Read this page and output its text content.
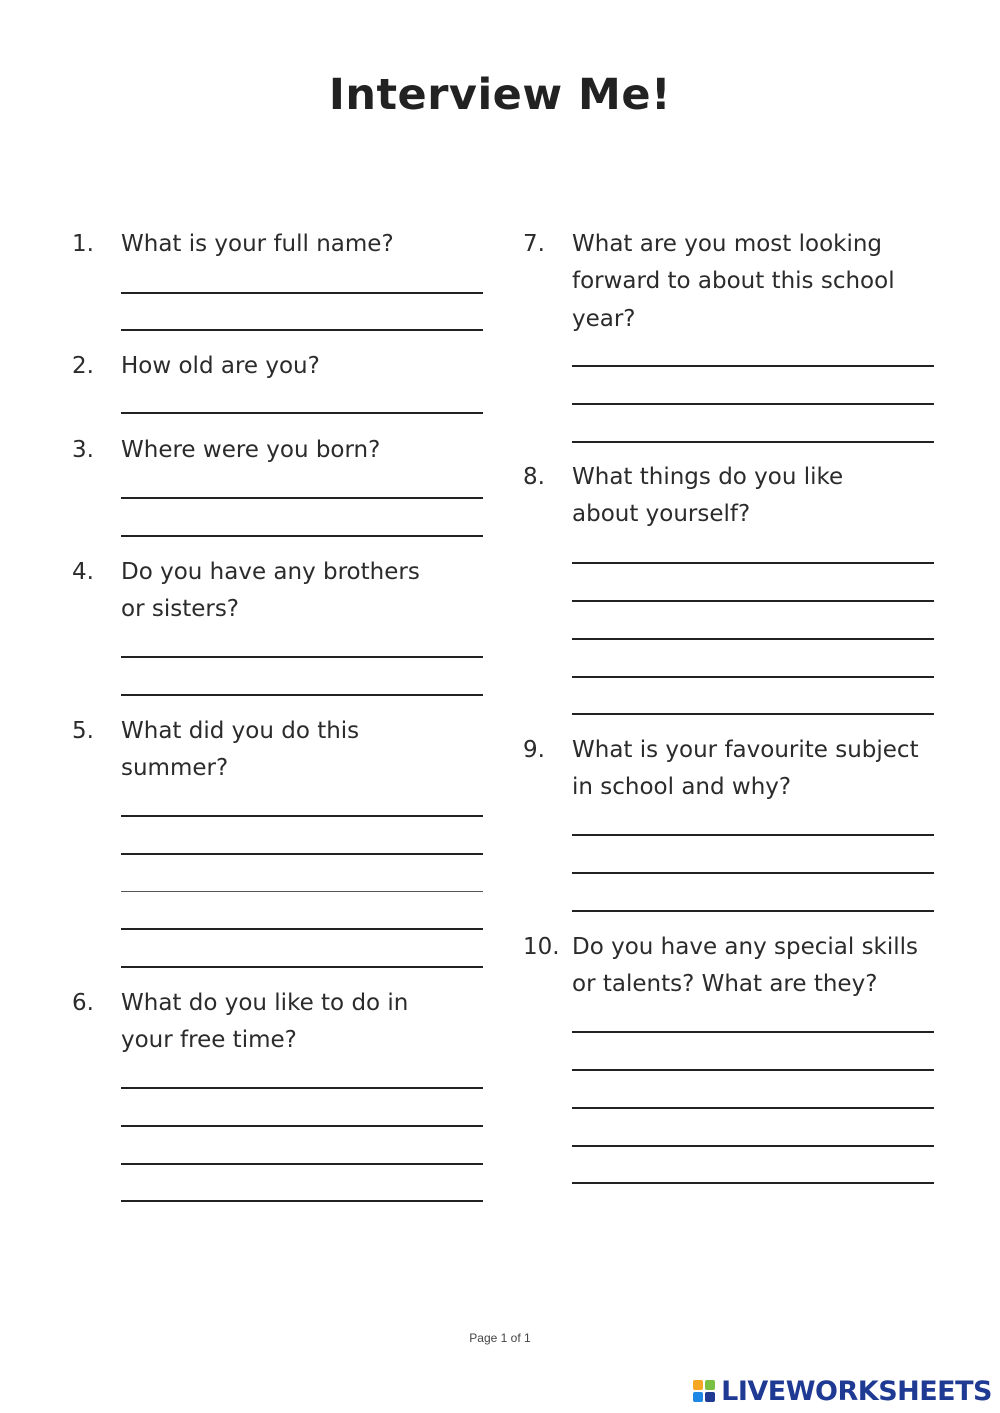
Interview Me!
1. What is your full name?
2. How old are you?
3. Where were you born?
4. Do you have any brothers
or sisters?
5. What did you do this
summer?
6. What do you like to do in
your free time?
7. What are you most looking
forward to about this school
year?
8. What things do you like
about yourself?
9. What is your favourite subject
in school and why?
10. Do you have any special skills
or talents? What are they?
Page 1 of 1
LIVEWORKSHEETS
